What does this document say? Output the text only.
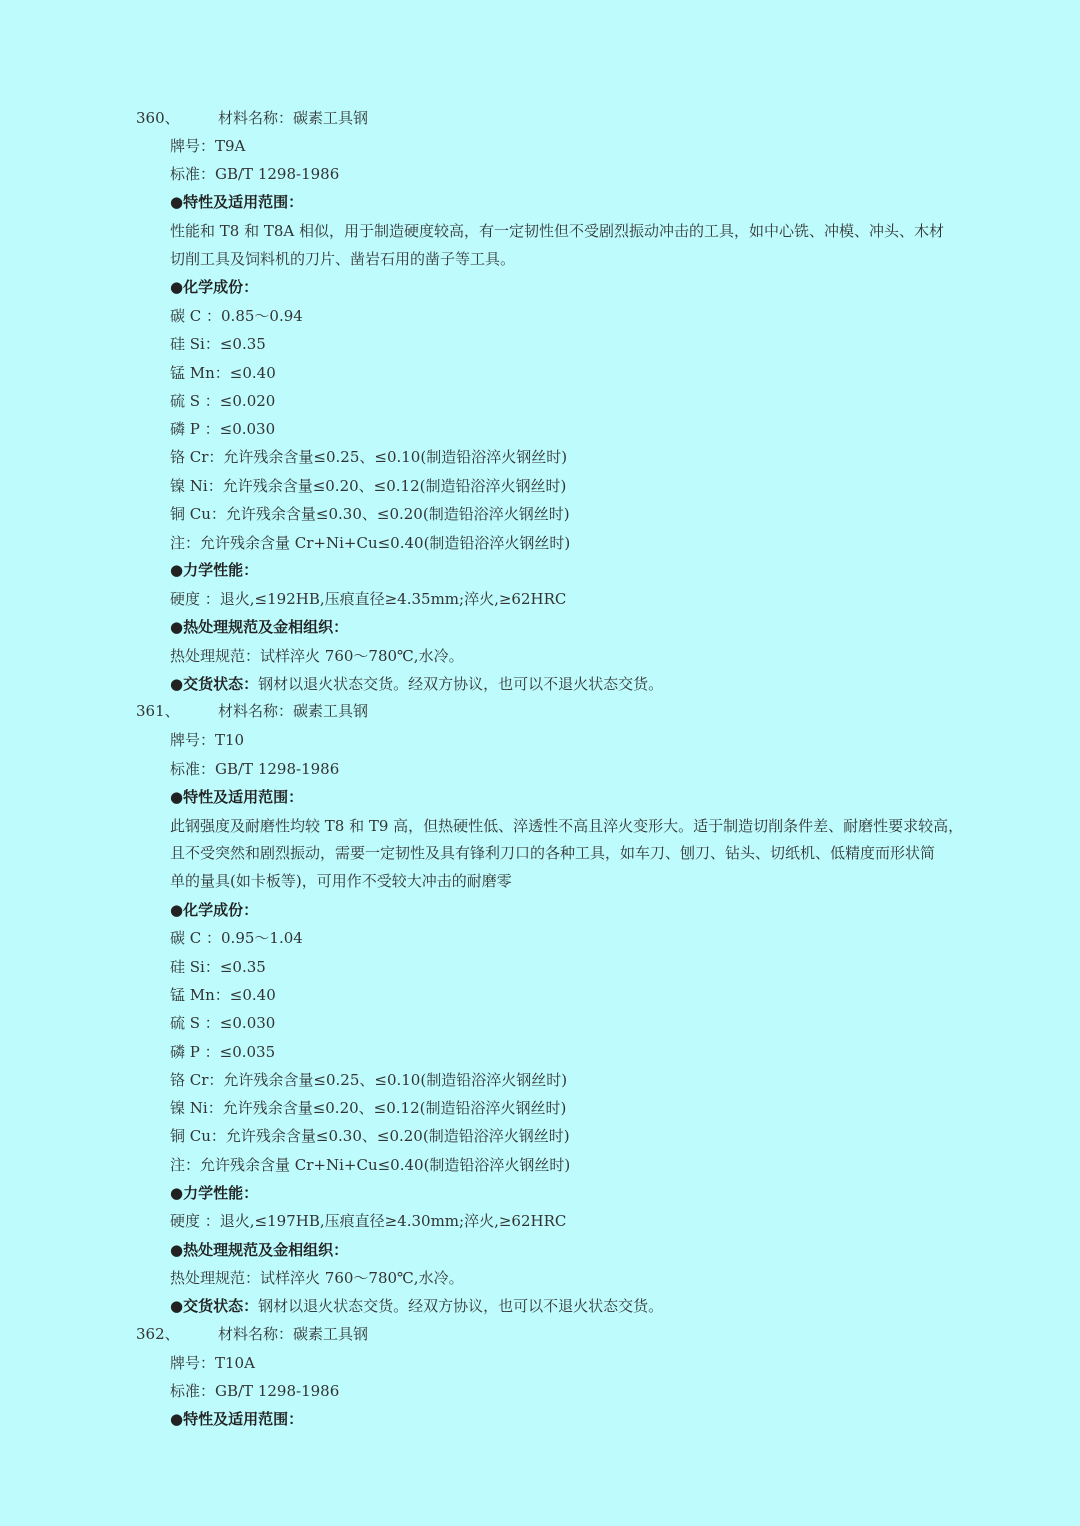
360、	材料名称：碳素工具钢
牌号：T9A
标准：GB/T 1298-1986
●特性及适用范围：
性能和 T8 和 T8A 相似，用于制造硬度较高，有一定韧性但不受剧烈振动冲击的工具，如中心铣、冲模、冲头、木材
切削工具及饲料机的刀片、凿岩石用的凿子等工具。
●化学成份：
碳 C ：0.85～0.94
硅 Si：≤0.35
锰 Mn：≤0.40
硫 S ：≤0.020
磷 P ：≤0.030
铬 Cr：允许残余含量≤0.25、≤0.10(制造铅浴淬火钢丝时)
镍 Ni：允许残余含量≤0.20、≤0.12(制造铅浴淬火钢丝时)
铜 Cu：允许残余含量≤0.30、≤0.20(制造铅浴淬火钢丝时)
注：允许残余含量 Cr+Ni+Cu≤0.40(制造铅浴淬火钢丝时)
●力学性能：
硬度 ：退火,≤192HB,压痕直径≥4.35mm;淬火,≥62HRC
●热处理规范及金相组织：
热处理规范：试样淬火 760～780℃,水冷。
●交货状态：钢材以退火状态交货。经双方协议，也可以不退火状态交货。
361、	材料名称：碳素工具钢
牌号：T10
标准：GB/T 1298-1986
●特性及适用范围：
此钢强度及耐磨性均较 T8 和 T9 高，但热硬性低、淬透性不高且淬火变形大。适于制造切削条件差、耐磨性要求较高，
且不受突然和剧烈振动，需要一定韧性及具有锋利刀口的各种工具，如车刀、刨刀、钻头、切纸机、低精度而形状简
单的量具(如卡板等)，可用作不受较大冲击的耐磨零
●化学成份：
碳 C ：0.95～1.04
硅 Si：≤0.35
锰 Mn：≤0.40
硫 S ：≤0.030
磷 P ：≤0.035
铬 Cr：允许残余含量≤0.25、≤0.10(制造铅浴淬火钢丝时)
镍 Ni：允许残余含量≤0.20、≤0.12(制造铅浴淬火钢丝时)
铜 Cu：允许残余含量≤0.30、≤0.20(制造铅浴淬火钢丝时)
注：允许残余含量 Cr+Ni+Cu≤0.40(制造铅浴淬火钢丝时)
●力学性能：
硬度 ：退火,≤197HB,压痕直径≥4.30mm;淬火,≥62HRC
●热处理规范及金相组织：
热处理规范：试样淬火 760～780℃,水冷。
●交货状态：钢材以退火状态交货。经双方协议，也可以不退火状态交货。
362、	材料名称：碳素工具钢
牌号：T10A
标准：GB/T 1298-1986
●特性及适用范围：
